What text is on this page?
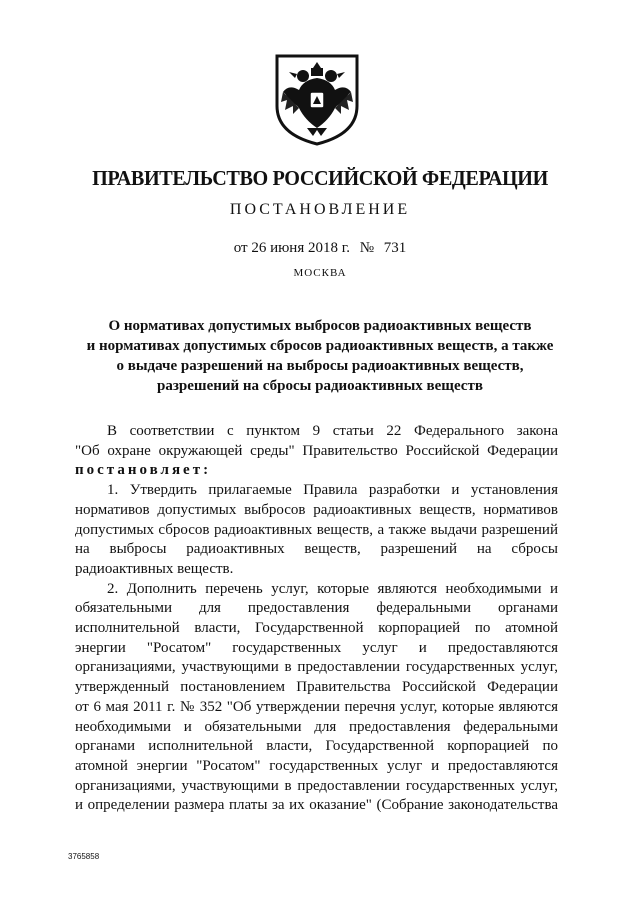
ПРАВИТЕЛЬСТВО РОССИЙСКОЙ ФЕДЕРАЦИИ
ПОСТАНОВЛЕНИЕ
от 26 июня 2018 г. № 731
МОСКВА
О нормативах допустимых выбросов радиоактивных веществ
и нормативах допустимых сбросов радиоактивных веществ, а также
о выдаче разрешений на выбросы радиоактивных веществ,
разрешений на сбросы радиоактивных веществ
В соответствии с пунктом 9 статьи 22 Федерального закона
"Об охране окружающей среды" Правительство Российской Федерации
постановляет:
1. Утвердить прилагаемые Правила разработки и установления
нормативов допустимых выбросов радиоактивных веществ, нормативов
допустимых сбросов радиоактивных веществ, а также выдачи разрешений
на выбросы радиоактивных веществ, разрешений на сбросы
радиоактивных веществ.
2. Дополнить перечень услуг, которые являются необходимыми и
обязательными для предоставления федеральными органами
исполнительной власти, Государственной корпорацией по атомной
энергии "Росатом" государственных услуг и предоставляются
организациями, участвующими в предоставлении государственных услуг,
утвержденный постановлением Правительства Российской Федерации
от 6 мая 2011 г. № 352 "Об утверждении перечня услуг, которые являются
необходимыми и обязательными для предоставления федеральными
органами исполнительной власти, Государственной корпорацией по
атомной энергии "Росатом" государственных услуг и предоставляются
организациями, участвующими в предоставлении государственных услуг,
и определении размера платы за их оказание" (Собрание законодательства
3765858
